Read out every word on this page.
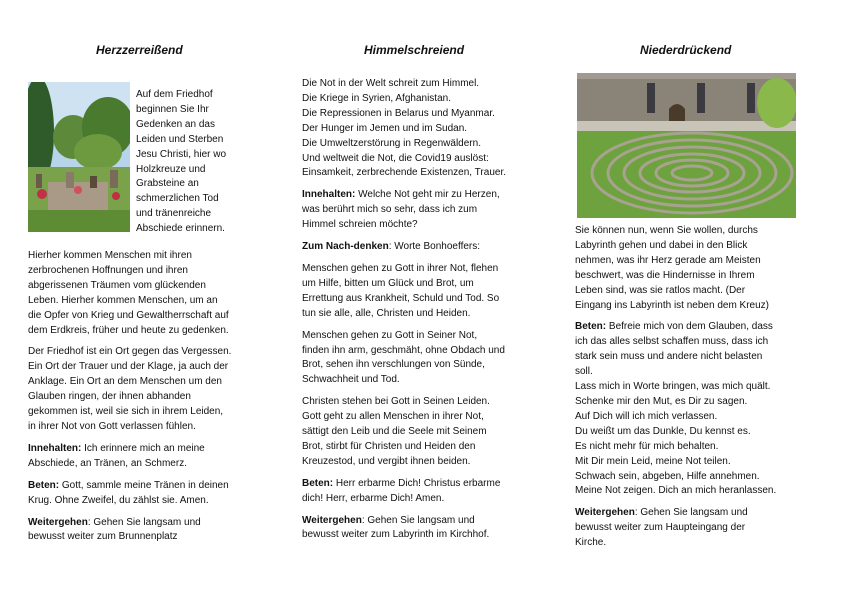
Herzzerreißend

Auf dem Friedhof
beginnen Sie Ihr
Gedenken an das
Leiden und Sterben
Jesu Christi, hier wo
Holzkreuze und
Grabsteine an
schmerzlichen Tod
und tränenreiche
Abschiede erinnern.

Hierher kommen Menschen mit ihren
zerbrochenen Hoffnungen und ihren
abgerissenen Träumen vom glückenden
Leben. Hierher kommen Menschen, um an
die Opfer von Krieg und Gewaltherrschaft auf
dem Erdkreis, früher und heute zu gedenken.

Der Friedhof ist ein Ort gegen das Vergessen.
Ein Ort der Trauer und der Klage, ja auch der
Anklage. Ein Ort an dem Menschen um den
Glauben ringen, der ihnen abhanden
gekommen ist, weil sie sich in ihrem Leiden,
in ihrer Not von Gott verlassen fühlen.

Innehalten: Ich erinnere mich an meine
Abschiede, an Tränen, an Schmerz.

Beten: Gott, sammle meine Tränen in deinen
Krug. Ohne Zweifel, du zählst sie. Amen.

Weitergehen: Gehen Sie langsam und
bewusst weiter zum Brunnenplatz

Himmelschreiend

Die Not in der Welt schreit zum Himmel.
Die Kriege in Syrien, Afghanistan.
Die Repressionen in Belarus und Myanmar.
Der Hunger im Jemen und im Sudan.
Die Umweltzerstörung in Regenwäldern.
Und weltweit die Not, die Covid19 auslöst:
Einsamkeit, zerbrechende Existenzen, Trauer.

Innehalten: Welche Not geht mir zu Herzen,
was berührt mich so sehr, dass ich zum
Himmel schreien möchte?

Zum Nach-denken: Worte Bonhoeffers:

Menschen gehen zu Gott in ihrer Not, flehen
um Hilfe, bitten um Glück und Brot, um
Errettung aus Krankheit, Schuld und Tod. So
tun sie alle, alle, Christen und Heiden.

Menschen gehen zu Gott in Seiner Not,
finden ihn arm, geschmäht, ohne Obdach und
Brot, sehen ihn verschlungen von Sünde,
Schwachheit und Tod.

Christen stehen bei Gott in Seinen Leiden.
Gott geht zu allen Menschen in ihrer Not,
sättigt den Leib und die Seele mit Seinem
Brot, stirbt für Christen und Heiden den
Kreuzestod, und vergibt ihnen beiden.

Beten: Herr erbarme Dich! Christus erbarme
dich! Herr, erbarme Dich! Amen.

Weitergehen: Gehen Sie langsam und
bewusst weiter zum Labyrinth im Kirchhof.

Niederdrückend

Sie können nun, wenn Sie wollen, durchs
Labyrinth gehen und dabei in den Blick
nehmen, was ihr Herz gerade am Meisten
beschwert, was die Hindernisse in Ihrem
Leben sind, was sie ratlos macht. (Der
Eingang ins Labyrinth ist neben dem Kreuz)

Beten: Befreie mich von dem Glauben, dass
ich das alles selbst schaffen muss, dass ich
stark sein muss und andere nicht belasten
soll.
Lass mich in Worte bringen, was mich quält.
Schenke mir den Mut, es Dir zu sagen.
Auf Dich will ich mich verlassen.
Du weißt um das Dunkle, Du kennst es.
Es nicht mehr für mich behalten.
Mit Dir mein Leid, meine Not teilen.
Schwach sein, abgeben, Hilfe annehmen.
Meine Not zeigen. Dich an mich heranlassen.

Weitergehen: Gehen Sie langsam und
bewusst weiter zum Haupteingang der
Kirche.
